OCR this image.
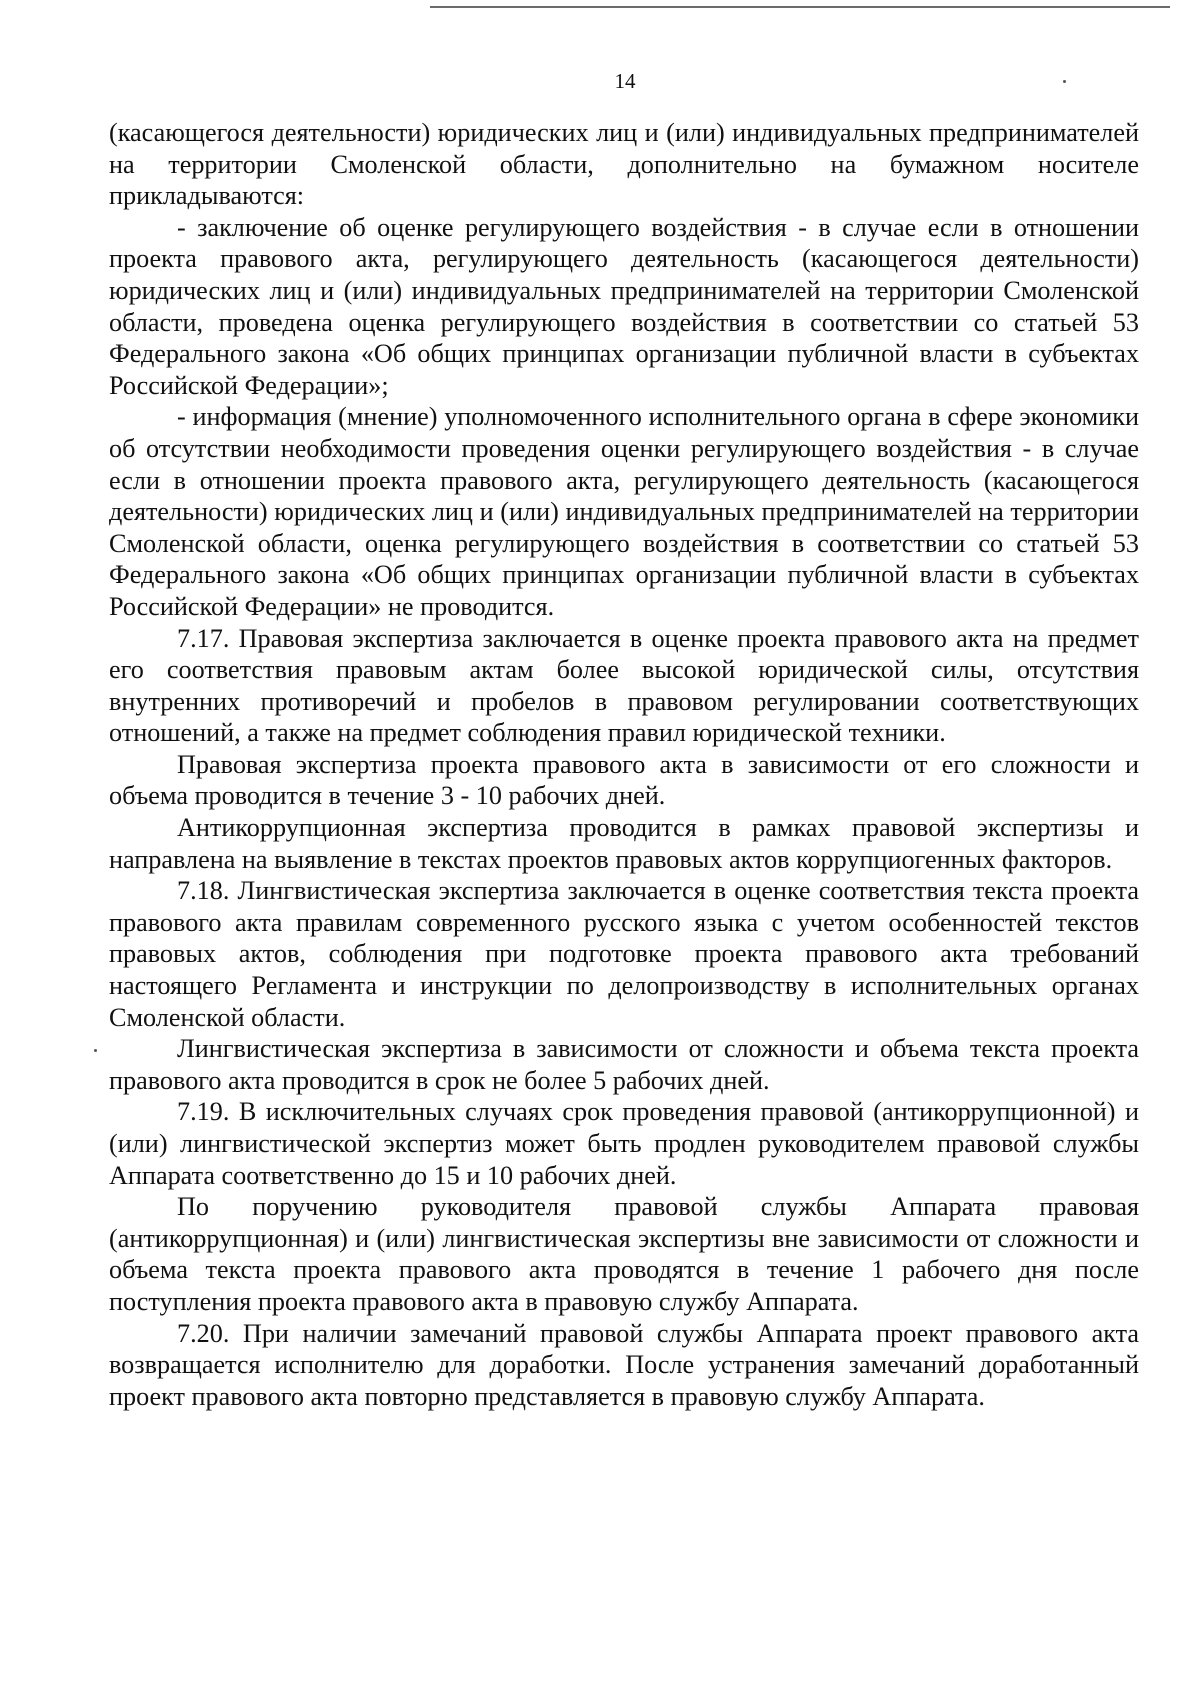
14

(касающегося деятельности) юридических лиц и (или) индивидуальных предпринимателей на территории Смоленской области, дополнительно на бумажном носителе прикладываются:

- заключение об оценке регулирующего воздействия - в случае если в отношении проекта правового акта, регулирующего деятельность (касающегося деятельности) юридических лиц и (или) индивидуальных предпринимателей на территории Смоленской области, проведена оценка регулирующего воздействия в соответствии со статьей 53 Федерального закона «Об общих принципах организации публичной власти в субъектах Российской Федерации»;

- информация (мнение) уполномоченного исполнительного органа в сфере экономики об отсутствии необходимости проведения оценки регулирующего воздействия - в случае если в отношении проекта правового акта, регулирующего деятельность (касающегося деятельности) юридических лиц и (или) индивидуальных предпринимателей на территории Смоленской области, оценка регулирующего воздействия в соответствии со статьей 53 Федерального закона «Об общих принципах организации публичной власти в субъектах Российской Федерации» не проводится.

7.17. Правовая экспертиза заключается в оценке проекта правового акта на предмет его соответствия правовым актам более высокой юридической силы, отсутствия внутренних противоречий и пробелов в правовом регулировании соответствующих отношений, а также на предмет соблюдения правил юридической техники.

Правовая экспертиза проекта правового акта в зависимости от его сложности и объема проводится в течение 3 - 10 рабочих дней.

Антикоррупционная экспертиза проводится в рамках правовой экспертизы и направлена на выявление в текстах проектов правовых актов коррупциогенных факторов.

7.18. Лингвистическая экспертиза заключается в оценке соответствия текста проекта правового акта правилам современного русского языка с учетом особенностей текстов правовых актов, соблюдения при подготовке проекта правового акта требований настоящего Регламента и инструкции по делопроизводству в исполнительных органах Смоленской области.

Лингвистическая экспертиза в зависимости от сложности и объема текста проекта правового акта проводится в срок не более 5 рабочих дней.

7.19. В исключительных случаях срок проведения правовой (антикоррупционной) и (или) лингвистической экспертиз может быть продлен руководителем правовой службы Аппарата соответственно до 15 и 10 рабочих дней.

По поручению руководителя правовой службы Аппарата правовая (антикоррупционная) и (или) лингвистическая экспертизы вне зависимости от сложности и объема текста проекта правового акта проводятся в течение 1 рабочего дня после поступления проекта правового акта в правовую службу Аппарата.

7.20. При наличии замечаний правовой службы Аппарата проект правового акта возвращается исполнителю для доработки. После устранения замечаний доработанный проект правового акта повторно представляется в правовую службу Аппарата.
